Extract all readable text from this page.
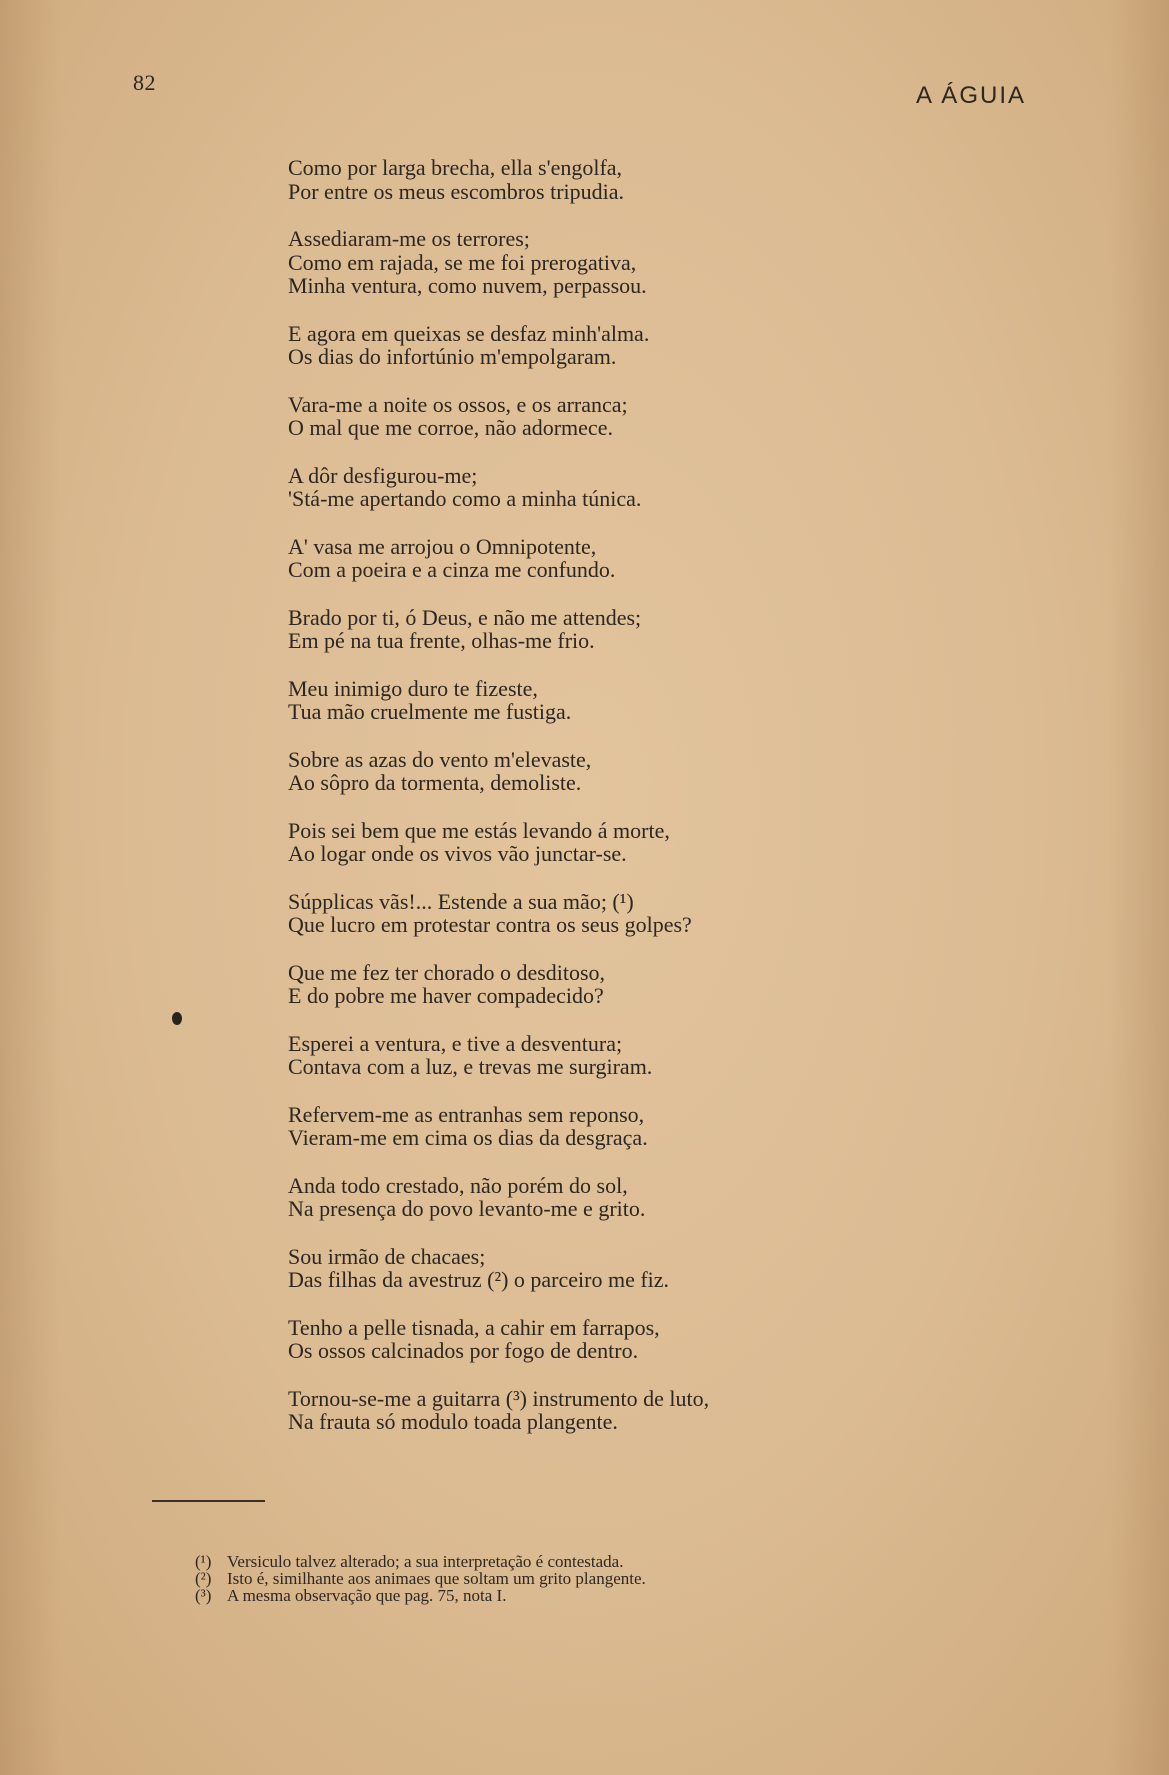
82	A ÁGUIA
Como por larga brecha, ella s'engolfa,
Por entre os meus escombros tripudia.
Assediaram-me os terrores;
Como em rajada, se me foi prerogativa,
Minha ventura, como nuvem, perpassou.
E agora em queixas se desfaz minh'alma.
Os dias do infortúnio m'empolgaram.
Vara-me a noite os ossos, e os arranca;
O mal que me corroe, não adormece.
A dôr desfigurou-me;
'Stá-me apertando como a minha túnica.
A' vasa me arrojou o Omnipotente,
Com a poeira e a cinza me confundo.
Brado por ti, ó Deus, e não me attendes;
Em pé na tua frente, olhas-me frio.
Meu inimigo duro te fizeste,
Tua mão cruelmente me fustiga.
Sobre as azas do vento m'elevaste,
Ao sôpro da tormenta, demoliste.
Pois sei bem que me estás levando á morte,
Ao logar onde os vivos vão junctar-se.
Súpplicas vãs!... Estende a sua mão; (¹)
Que lucro em protestar contra os seus golpes?
Que me fez ter chorado o desditoso,
E do pobre me haver compadecido?
Esperei a ventura, e tive a desventura;
Contava com a luz, e trevas me surgiram.
Refervem-me as entranhas sem reponso,
Vieram-me em cima os dias da desgraça.
Anda todo crestado, não porém do sol,
Na presença do povo levanto-me e grito.
Sou irmão de chacaes;
Das filhas da avestruz (²) o parceiro me fiz.
Tenho a pelle tisnada, a cahir em farrapos,
Os ossos calcinados por fogo de dentro.
Tornou-se-me a guitarra (³) instrumento de luto,
Na frauta só modulo toada plangente.
(¹) Versiculo talvez alterado; a sua interpretação é contestada.
(²) Isto é, similhante aos animaes que soltam um grito plangente.
(³) A mesma observação que pag. 75, nota I.
